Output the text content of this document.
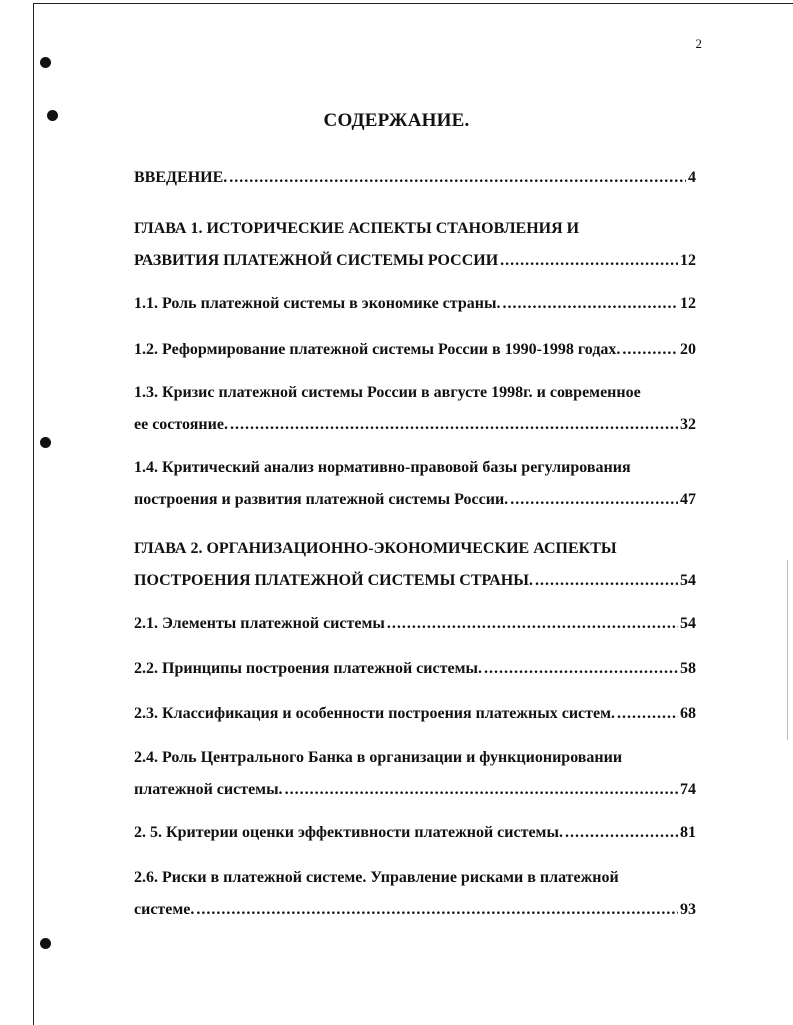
2
СОДЕРЖАНИЕ.
ВВЕДЕНИЕ. .....	4
ГЛАВА 1. ИСТОРИЧЕСКИЕ АСПЕКТЫ СТАНОВЛЕНИЯ И
РАЗВИТИЯ ПЛАТЕЖНОЙ СИСТЕМЫ РОССИИ .....	12
1.1. Роль платежной системы в экономике страны. .....	12
1.2. Реформирование платежной системы России в 1990-1998 годах. .....	20
1.3. Кризис платежной системы России в августе 1998г. и современное
ее состояние. .....	32
1.4. Критический анализ нормативно-правовой базы регулирования
построения и развития платежной системы России. .....	47
ГЛАВА 2. ОРГАНИЗАЦИОННО-ЭКОНОМИЧЕСКИЕ АСПЕКТЫ
ПОСТРОЕНИЯ ПЛАТЕЖНОЙ СИСТЕМЫ СТРАНЫ. .....	54
2.1. Элементы платежной системы .....	54
2.2. Принципы построения платежной системы. .....	58
2.3. Классификация и особенности построения платежных систем. .....	68
2.4. Роль Центрального Банка в организации и функционировании
платежной системы. .....	74
2. 5. Критерии оценки эффективности платежной системы. .....	81
2.6. Риски в платежной системе. Управление рисками в платежной
системе. .....	93
